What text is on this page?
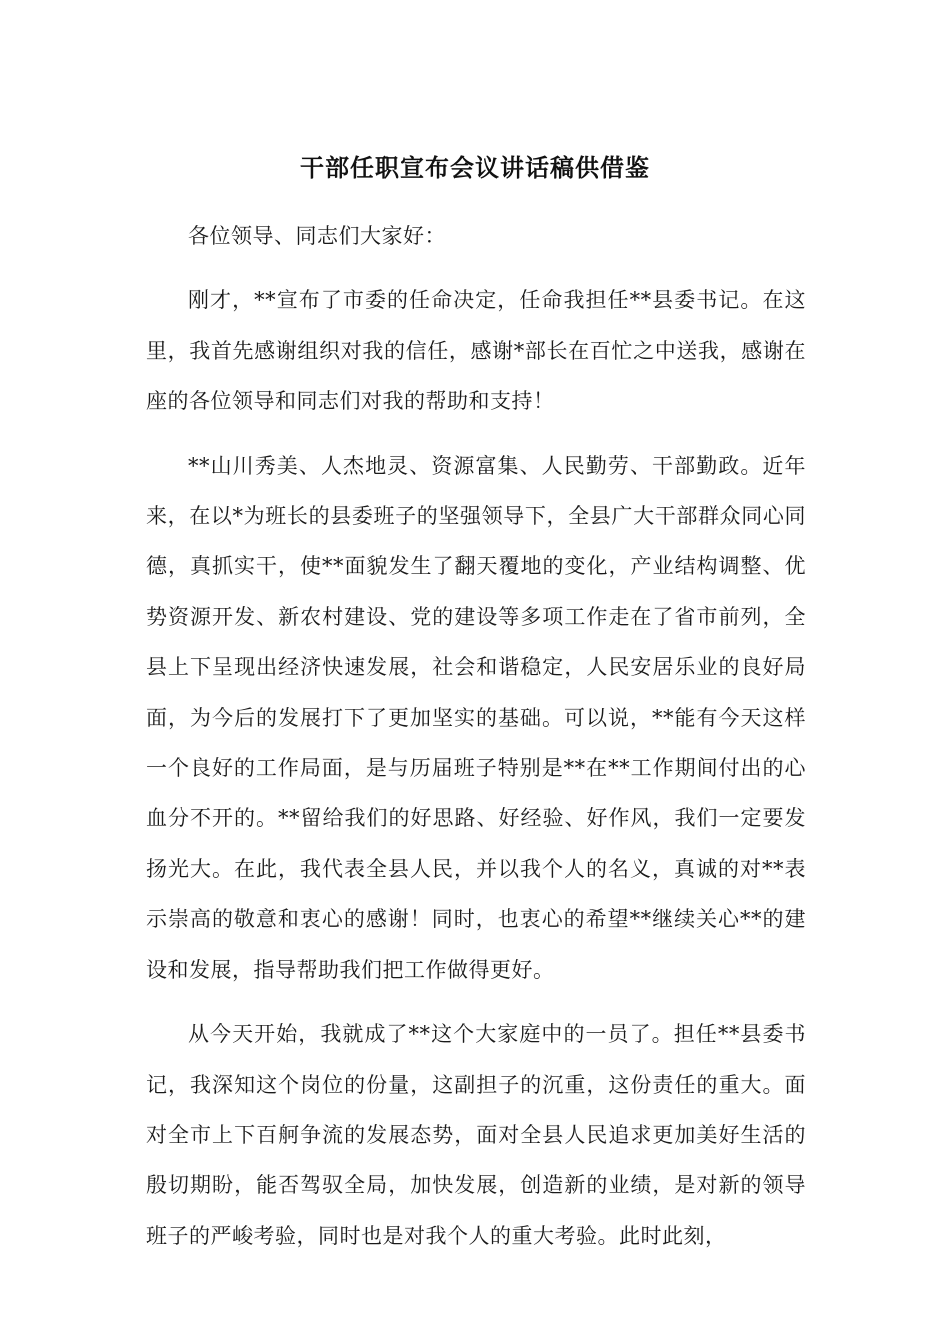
干部任职宣布会议讲话稿供借鉴

各位领导、同志们大家好：

刚才，**宣布了市委的任命决定，任命我担任**县委书记。在这里，我首先感谢组织对我的信任，感谢*部长在百忙之中送我，感谢在座的各位领导和同志们对我的帮助和支持！

**山川秀美、人杰地灵、资源富集、人民勤劳、干部勤政。近年来，在以*为班长的县委班子的坚强领导下，全县广大干部群众同心同德，真抓实干，使**面貌发生了翻天覆地的变化，产业结构调整、优势资源开发、新农村建设、党的建设等多项工作走在了省市前列，全县上下呈现出经济快速发展，社会和谐稳定，人民安居乐业的良好局面，为今后的发展打下了更加坚实的基础。可以说，**能有今天这样一个良好的工作局面，是与历届班子特别是**在**工作期间付出的心血分不开的。**留给我们的好思路、好经验、好作风，我们一定要发扬光大。在此，我代表全县人民，并以我个人的名义，真诚的对**表示崇高的敬意和衷心的感谢！同时，也衷心的希望**继续关心**的建设和发展，指导帮助我们把工作做得更好。

从今天开始，我就成了**这个大家庭中的一员了。担任**县委书记，我深知这个岗位的份量，这副担子的沉重，这份责任的重大。面对全市上下百舸争流的发展态势，面对全县人民追求更加美好生活的殷切期盼，能否驾驭全局，加快发展，创造新的业绩，是对新的领导班子的严峻考验，同时也是对我个人的重大考验。此时此刻，
